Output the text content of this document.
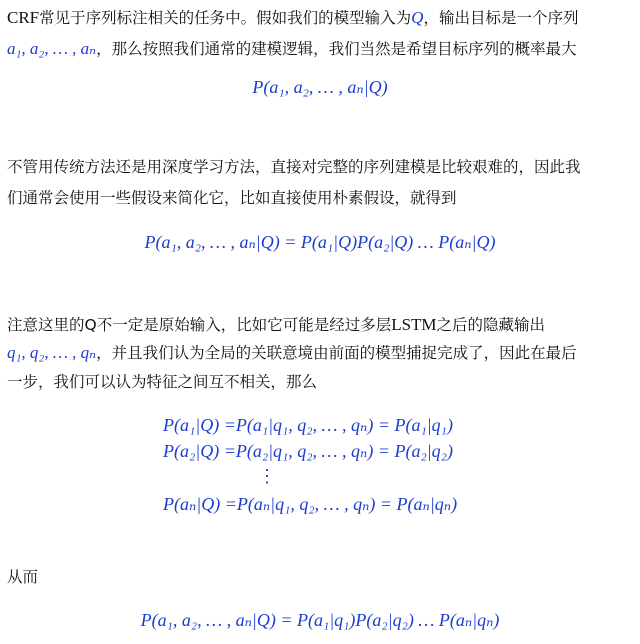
CRF常见于序列标注相关的任务中。假如我们的模型输入为Q，输出目标是一个序列

a₁, a₂, … , aₙ，那么按照我们通常的建模逻辑，我们当然是希望目标序列的概率最大

P(a₁, a₂, … , aₙ|Q)

不管用传统方法还是用深度学习方法，直接对完整的序列建模是比较艰难的，因此我

们通常会使用一些假设来简化它，比如直接使用朴素假设，就得到

P(a₁, a₂, … , aₙ|Q) = P(a₁|Q)P(a₂|Q) … P(aₙ|Q)

注意这里的Q不一定是原始输入，比如它可能是经过多层LSTM之后的隐藏输出

q₁, q₂, … , qₙ，并且我们认为全局的关联意境由前面的模型捕捉完成了，因此在最后

一步，我们可以认为特征之间互不相关，那么

P(a₁|Q) =P(a₁|q₁, q₂, … , qₙ) = P(a₁|q₁)
P(a₂|Q) =P(a₂|q₁, q₂, … , qₙ) = P(a₂|q₂)
⋮
P(aₙ|Q) =P(aₙ|q₁, q₂, … , qₙ) = P(aₙ|qₙ)

从而

P(a₁, a₂, … , aₙ|Q) = P(a₁|q₁)P(a₂|q₂) … P(aₙ|qₙ)
